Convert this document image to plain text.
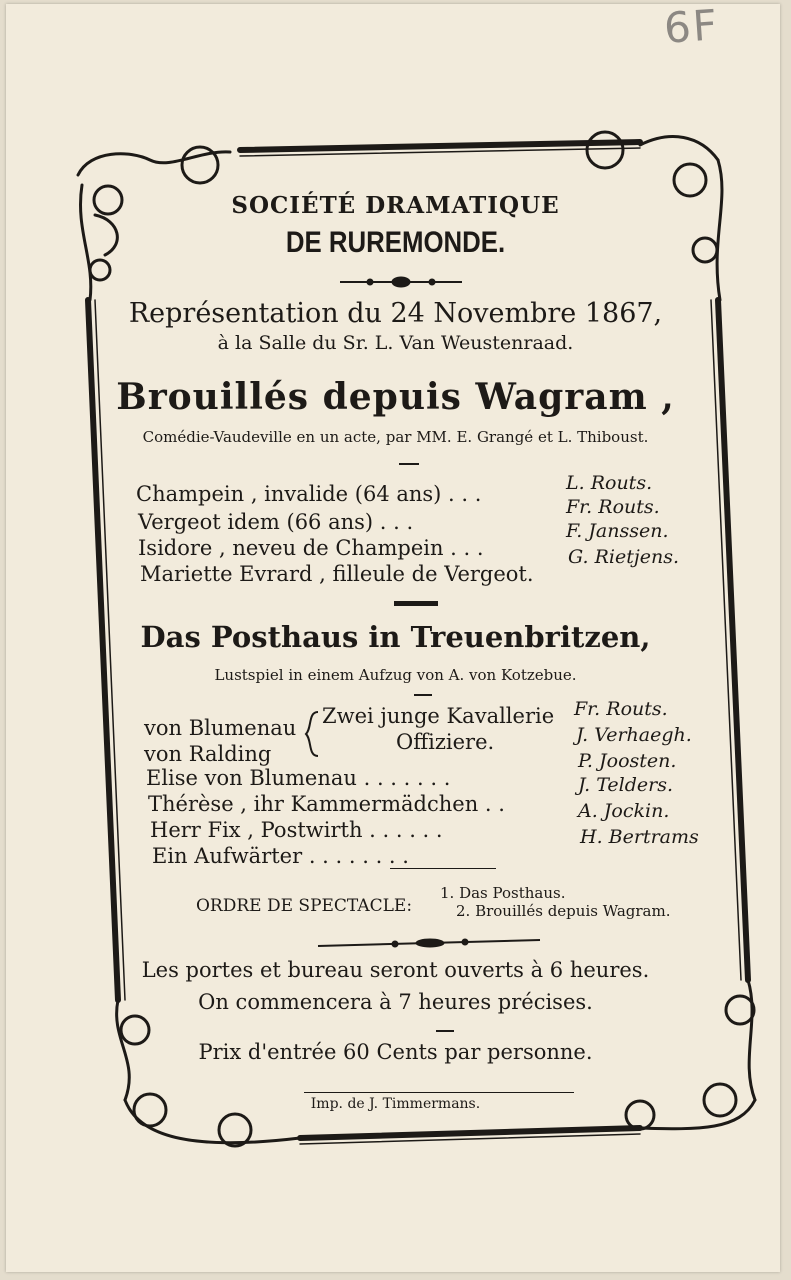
6F
SOCIÉTÉ DRAMATIQUE
DE RUREMONDE.
Représentation du 24 Novembre 1867,
à la Salle du Sr. L. Van Weustenraad.
Brouillés depuis Wagram ,
Comédie-Vaudeville en un acte, par MM. E. Grangé et L. Thiboust.
Champein , invalide (64 ans) . . .	L. Routs.
Vergeot idem (66 ans) . . .
Fr. Routs.
Isidore , neveu de Champein . . .
F. Janssen.
Mariette Evrard , filleule de Vergeot.
G. Rietjens.
Das Posthaus in Treuenbritzen,
Lustspiel in einem Aufzug von A. von Kotzebue.
von Blumenau
von Ralding
Zwei junge Kavallerie
Offiziere.
Fr. Routs.
J. Verhaegh.
Elise von Blumenau . . . . . . .
P. Joosten.
Thérèse , ihr Kammermädchen . .
J. Telders.
Herr Fix , Postwirth . . . . . .
A. Jockin.
Ein Aufwärter . . . . . . . .
H. Bertrams
ORDRE DE SPECTACLE:
1. Das Posthaus.
2. Brouillés depuis Wagram.
Les portes et bureau seront ouverts à 6 heures.
On commencera à 7 heures précises.
Prix d'entrée 60 Cents par personne.
Imp. de J. Timmermans.
